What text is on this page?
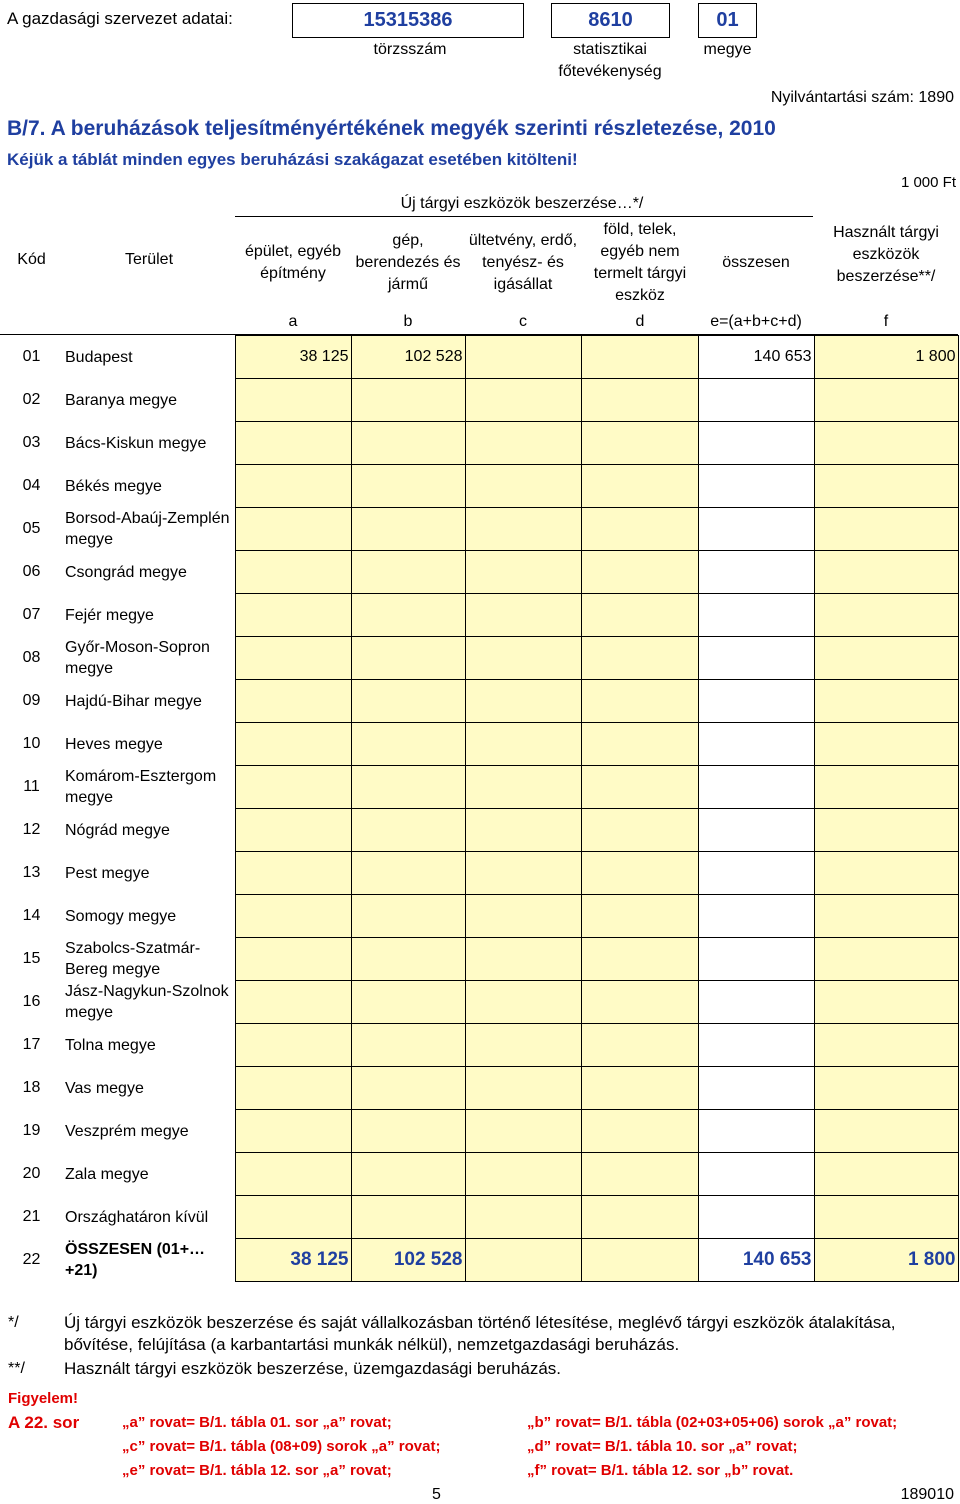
A gazdasági szervezet adatai:	15315386	8610	01
törzsszám	statisztikai
főtevékenység
megye
Nyilvántartási szám: 1890
B/7. A beruházások teljesítményértékének megyék szerinti részletezése, 2010
Kéjük a táblát minden egyes beruházási szakágazat esetében kitölteni!
1 000 Ft
Kód	Terület
Új tárgyi eszközök beszerzése…*/
épület, egyéb építmény
gép, berendezés és jármű
ültetvény, erdő, tenyész- és igásállat
föld, telek, egyéb nem termelt tárgyi eszköz
összesen
Használt tárgyi eszközök beszerzése**/
a	b	c	d	e=(a+b+c+d)	f
01	Budapest	38 125	102 528			140 653	1 800
02	Baranya megye						
03	Bács-Kiskun megye						
04	Békés megye						
05	Borsod-Abaúj-Zemplén megye						
06	Csongrád megye						
07	Fejér megye						
08	Győr-Moson-Sopron megye						
09	Hajdú-Bihar megye						
10	Heves megye						
11	Komárom-Esztergom megye						
12	Nógrád megye						
13	Pest megye						
14	Somogy megye						
15	Szabolcs-Szatmár-Bereg megye						
16	Jász-Nagykun-Szolnok megye						
17	Tolna megye						
18	Vas megye						
19	Veszprém megye						
20	Zala megye						
21	Országhatáron kívül						
22	ÖSSZESEN (01+…+21)	38 125	102 528			140 653	1 800
*/	Új tárgyi eszközök beszerzése és saját vállalkozásban történő létesítése, meglévő tárgyi eszközök átalakítása, bővítése, felújítása (a karbantartási munkák nélkül), nemzetgazdasági beruházás.
**/ Használt tárgyi eszközök beszerzése, üzemgazdasági beruházás.
Figyelem!
A 22. sor	„a” rovat= B/1. tábla 01. sor „a” rovat;	„b” rovat= B/1. tábla (02+03+05+06) sorok „a” rovat;
„c” rovat= B/1. tábla (08+09) sorok „a” rovat;	„d” rovat= B/1. tábla 10. sor „a” rovat;
„e” rovat= B/1. tábla 12. sor „a” rovat;	„f” rovat= B/1. tábla 12. sor „b” rovat.
5	189010
